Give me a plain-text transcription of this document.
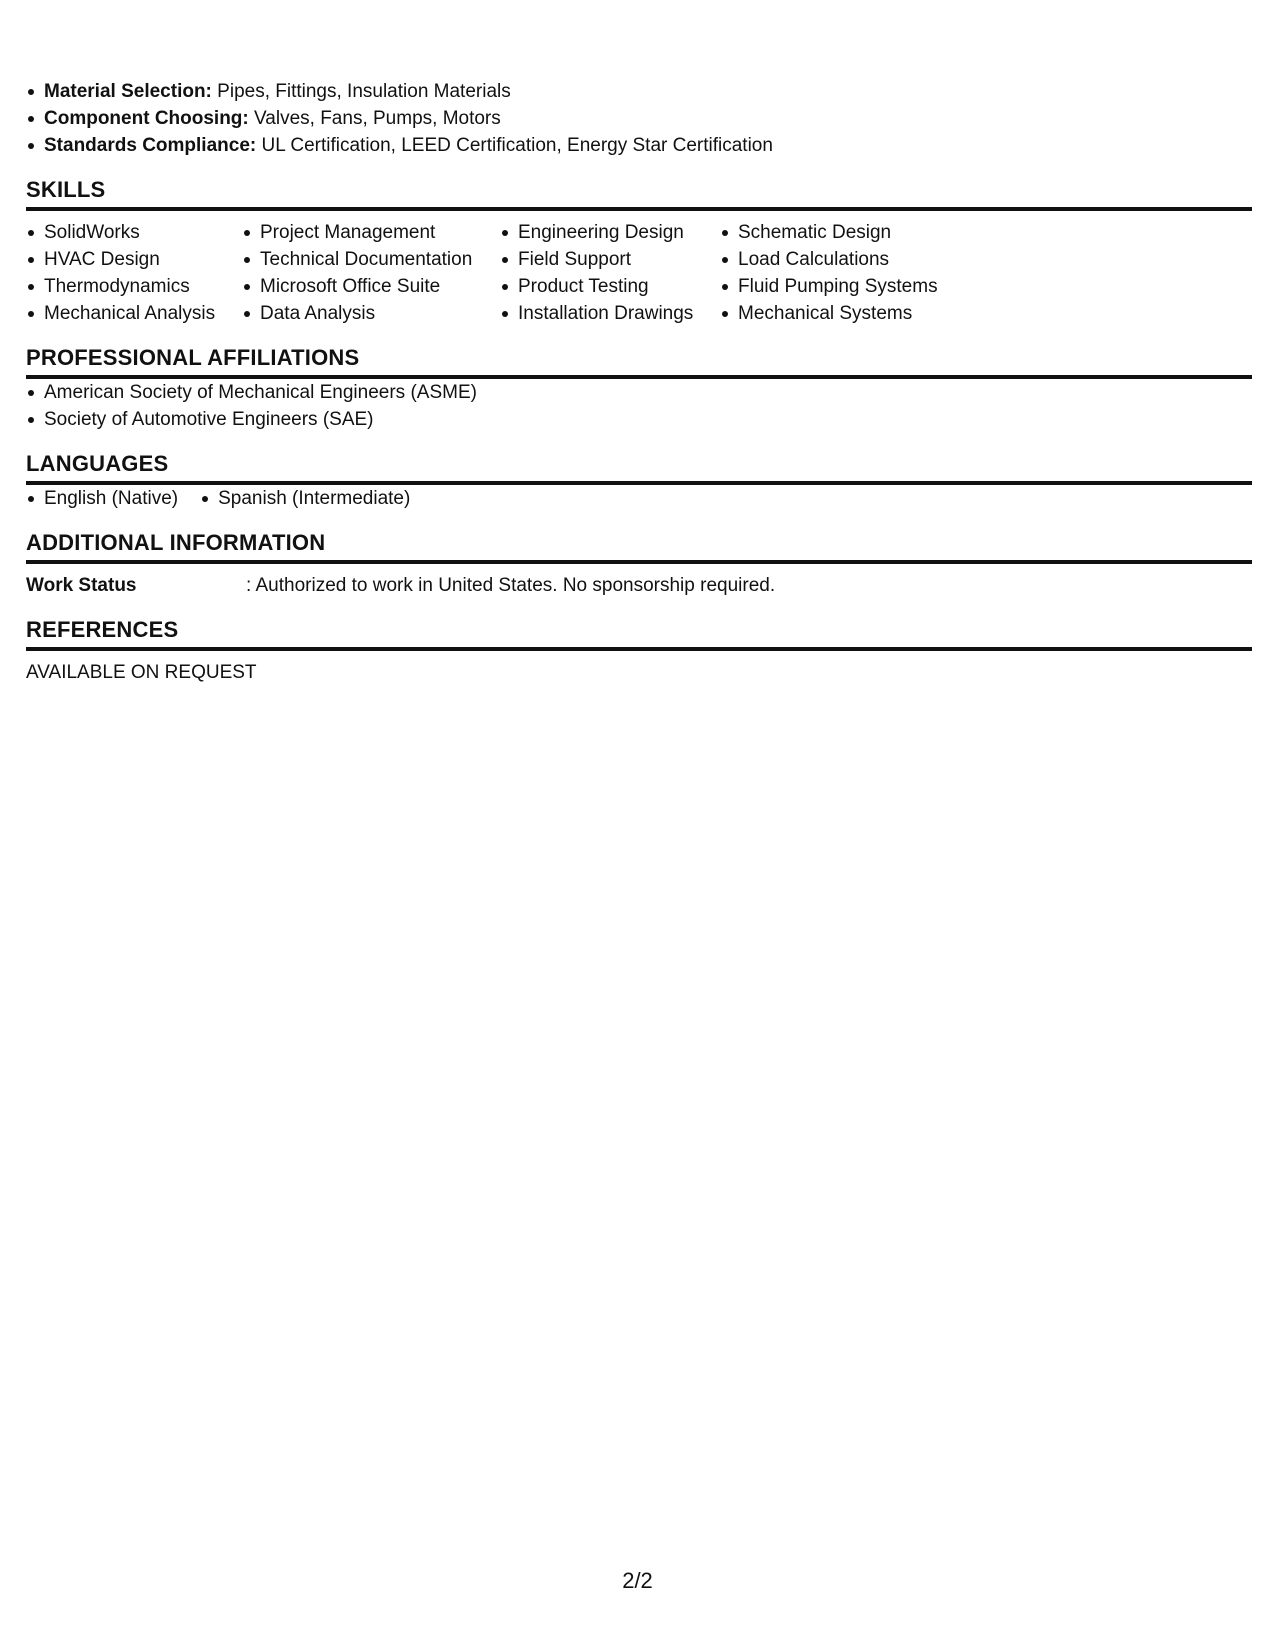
Material Selection: Pipes, Fittings, Insulation Materials
Component Choosing: Valves, Fans, Pumps, Motors
Standards Compliance: UL Certification, LEED Certification, Energy Star Certification
SKILLS
SolidWorks
HVAC Design
Thermodynamics
Mechanical Analysis
Project Management
Technical Documentation
Microsoft Office Suite
Data Analysis
Engineering Design
Field Support
Product Testing
Installation Drawings
Schematic Design
Load Calculations
Fluid Pumping Systems
Mechanical Systems
PROFESSIONAL AFFILIATIONS
American Society of Mechanical Engineers (ASME)
Society of Automotive Engineers (SAE)
LANGUAGES
English (Native)	Spanish (Intermediate)
ADDITIONAL INFORMATION
Work Status	: Authorized to work in United States. No sponsorship required.
REFERENCES
AVAILABLE ON REQUEST
2/2
